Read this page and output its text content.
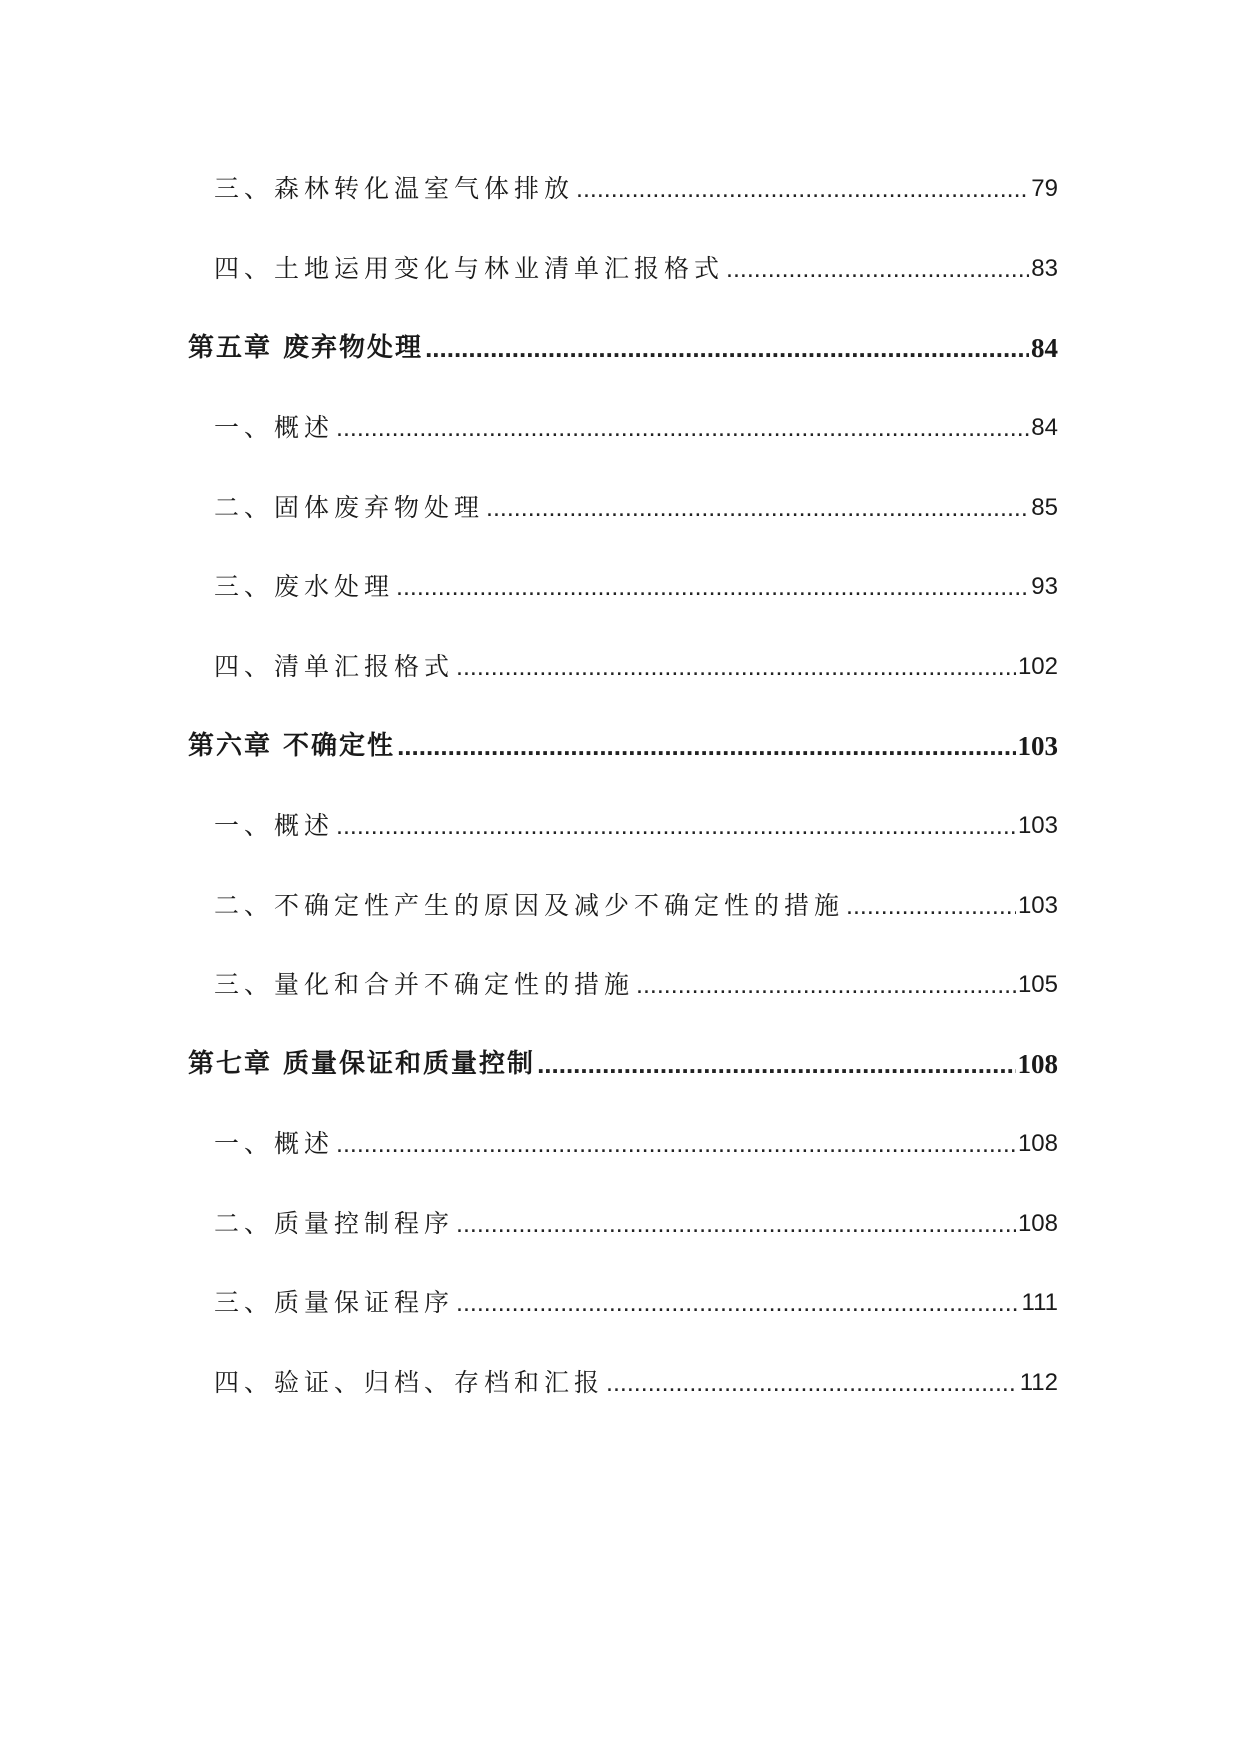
三、森林转化温室气体排放 .....	79
四、土地运用变化与林业清单汇报格式 .....	83
第五章 废弃物处理 .....	84
一、概述 .....	84
二、固体废弃物处理 .....	85
三、废水处理 .....	93
四、清单汇报格式 .....	102
第六章 不确定性 .....	103
一、概述 .....	103
二、不确定性产生的原因及减少不确定性的措施 .....	103
三、量化和合并不确定性的措施 .....	105
第七章 质量保证和质量控制 .....	108
一、概述 .....	108
二、质量控制程序 .....	108
三、质量保证程序 .....	111
四、验证、归档、存档和汇报 .....	112
